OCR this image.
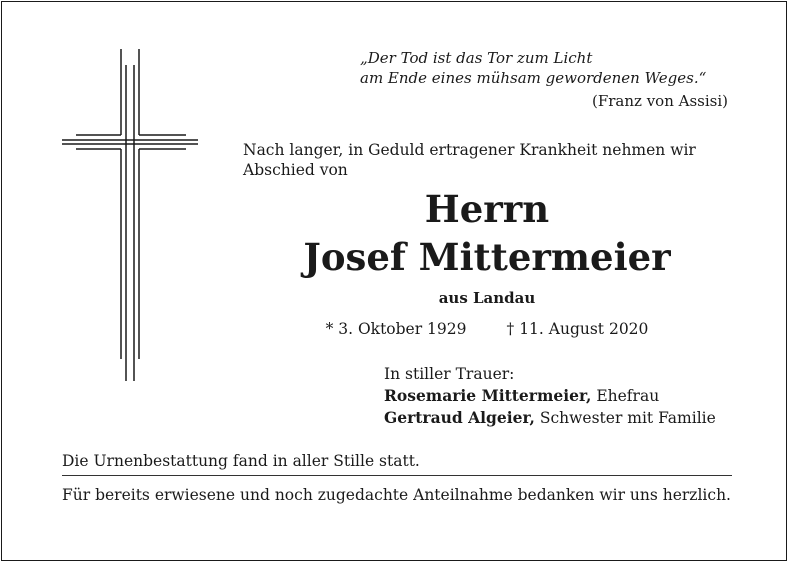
„Der Tod ist das Tor zum Licht
am Ende eines mühsam gewordenen Weges.“
(Franz von Assisi)
Nach langer, in Geduld ertragener Krankheit nehmen wir Abschied von
Herrn
Josef Mittermeier
aus Landau
* 3. Oktober 1929	† 11. August 2020
In stiller Trauer:
Rosemarie Mittermeier, Ehefrau
Gertraud Algeier, Schwester mit Familie
Die Urnenbestattung fand in aller Stille statt.
Für bereits erwiesene und noch zugedachte Anteilnahme bedanken wir uns herzlich.
